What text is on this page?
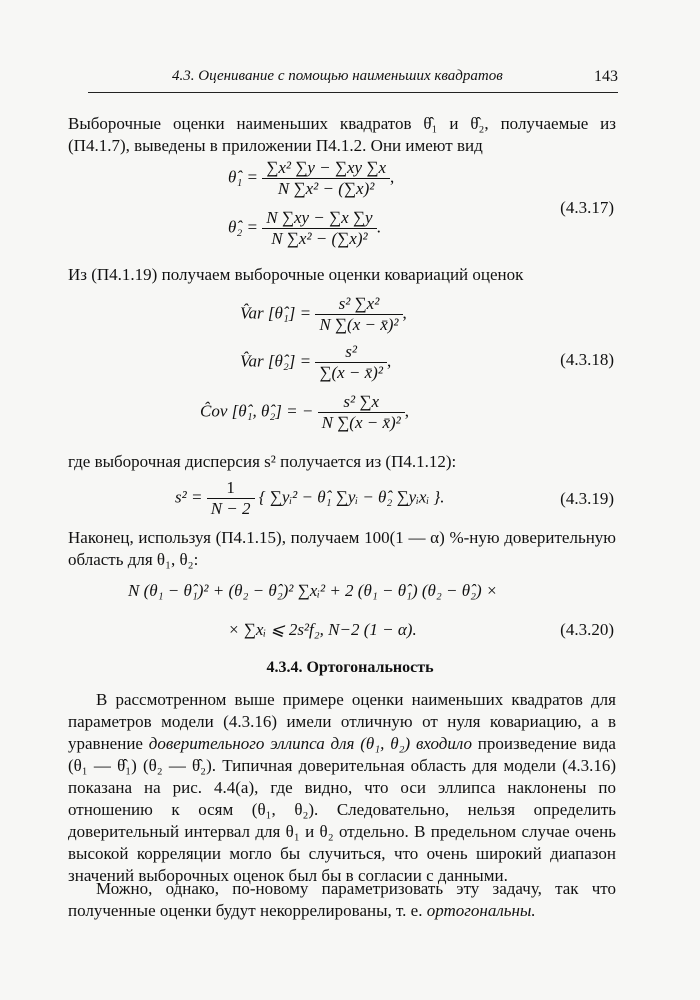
4.3. Оценивание с помощью наименьших квадратов	143
Выборочные оценки наименьших квадратов θ̂₁ и θ̂₂, получаемые из (П4.1.7), выведены в приложении П4.1.2. Они имеют вид
θ̂₁ = $\frac{\text{∑x² ∑y − ∑xy ∑x}}{\text{N ∑x² − (∑x)²}}$ ,
θ̂₂ = $\frac{N \sum xy - \sum x \sum y}{\text{N ∑x² − (∑x)²}}$ .
(4.3.17)
Из (П4.1.19) получаем выборочные оценки ковариаций оценок
V̂ar [θ̂₁] = $\frac{\text{s² ∑x²}}{\text{N ∑(x − x̄)²}}$ ,
V̂ar [θ̂₂] = $\frac{\text{s²}}{\text{∑(x − x̄)²}}$ ,
Ĉov [θ̂₁, θ̂₂] = − $\frac{\text{s² ∑x}}{\text{N ∑(x − x̄)²}}$ ,
(4.3.18)
где выборочная дисперсия s² получается из (П4.1.12):
$s^2 = \frac{1}{N - 2}$ { ∑yᵢ² − θ̂₁ ∑yᵢ − θ̂₂ ∑yᵢxᵢ }.	(4.3.19)
Наконец, используя (П4.1.15), получаем 100(1 — α) %-ную доверительную область для θ₁, θ₂:
N (θ₁ − θ̂₁)² + (θ₂ − θ̂₂)² ∑xᵢ² + 2 (θ₁ − θ̂₁) (θ₂ − θ̂₂) ×
× ∑xᵢ ⩽ 2s²f₂, N−2 (1 − α).	(4.3.20)
4.3.4. Ортогональность
В рассмотренном выше примере оценки наименьших квадратов для параметров модели (4.3.16) имели отличную от нуля ковариацию, а в уравнение доверительного эллипса для (θ₁, θ₂) входило произведение вида (θ₁ — θ̂₁) (θ₂ — θ̂₂). Типичная доверительная область для модели (4.3.16) показана на рис. 4.4(а), где видно, что оси эллипса наклонены по отношению к осям (θ₁, θ₂). Следовательно, нельзя определить доверительный интервал для θ₁ и θ₂ отдельно. В предельном случае очень высокой корреляции могло бы случиться, что очень широкий диапазон значений выборочных оценок был бы в согласии с данными.
Можно, однако, по-новому параметризовать эту задачу, так что полученные оценки будут некоррелированы, т. е. ортогональны.
